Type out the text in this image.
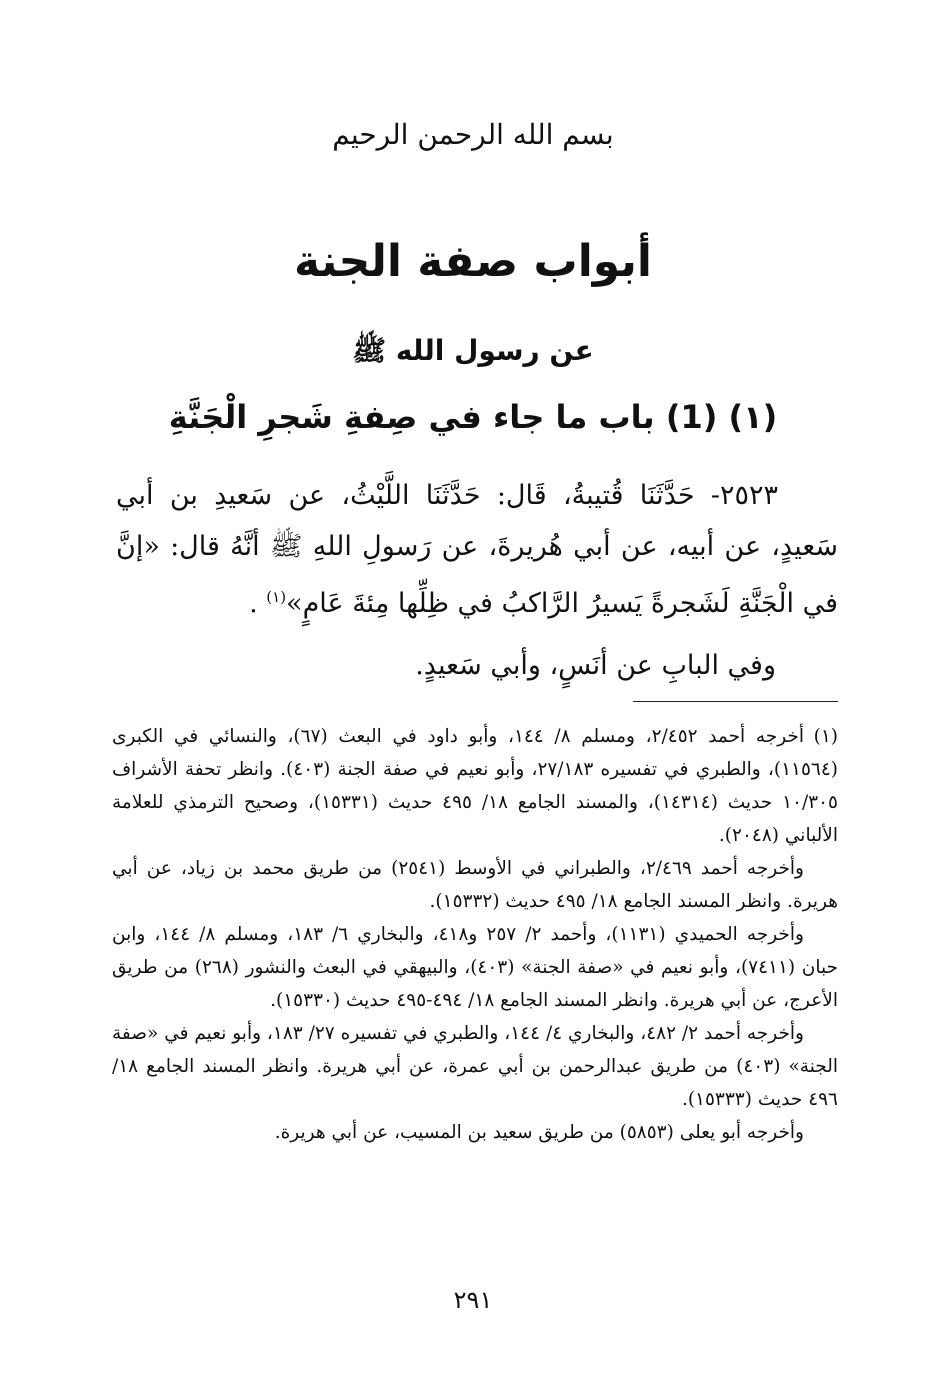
بسم الله الرحمن الرحيم
أبواب صفة الجنة
عن رسول الله ﷺ
(١) (1) باب ما جاء في صِفةِ شَجرِ الْجَنَّةِ
٢٥٢٣- حَدَّثَنَا قُتيبةُ، قَال: حَدَّثَنَا اللَّيْثُ، عن سَعيدِ بن أبي سَعيدٍ، عن أبيه، عن أبي هُريرةَ، عن رَسولِ اللهِ ﷺ أنَّهُ قال: «إنَّ في الْجَنَّةِ لَشَجرةً يَسيرُ الرَّاكبُ في ظِلِّها مِئةَ عَامٍ»$^{(١)}$ .
وفي البابِ عن أنَسٍ، وأبي سَعيدٍ.

(١)أخرجه أحمد ٢/٤٥٢، ومسلم ٨/ ١٤٤، وأبو داود في البعث (٦٧)، والنسائي في الكبرى (١١٥٦٤)، والطبري في تفسيره ٢٧/١٨٣، وأبو نعيم في صفة الجنة (٤٠٣). وانظر تحفة الأشراف ١٠/٣٠٥ حديث (١٤٣١٤)، والمسند الجامع ١٨/ ٤٩٥ حديث (١٥٣٣١)، وصحيح الترمذي للعلامة الألباني (٢٠٤٨).

وأخرجه أحمد ٢/٤٦٩، والطبراني في الأوسط (٢٥٤١) من طريق محمد بن زياد، عن أبي هريرة. وانظر المسند الجامع ١٨/ ٤٩٥ حديث (١٥٣٣٢).

وأخرجه الحميدي (١١٣١)، وأحمد ٢/ ٢٥٧ و٤١٨، والبخاري ٦/ ١٨٣، ومسلم ٨/ ١٤٤، وابن حبان (٧٤١١)، وأبو نعيم في «صفة الجنة» (٤٠٣)، والبيهقي في البعث والنشور (٢٦٨) من طريق الأعرج، عن أبي هريرة. وانظر المسند الجامع ١٨/ ٤٩٤-٤٩٥ حديث (١٥٣٣٠).

وأخرجه أحمد ٢/ ٤٨٢، والبخاري ٤/ ١٤٤، والطبري في تفسيره ٢٧/ ١٨٣، وأبو نعيم في «صفة الجنة» (٤٠٣) من طريق عبدالرحمن بن أبي عمرة، عن أبي هريرة. وانظر المسند الجامع ١٨/ ٤٩٦ حديث (١٥٣٣٣).

وأخرجه أبو يعلى (٥٨٥٣) من طريق سعيد بن المسيب، عن أبي هريرة.

٢٩١
